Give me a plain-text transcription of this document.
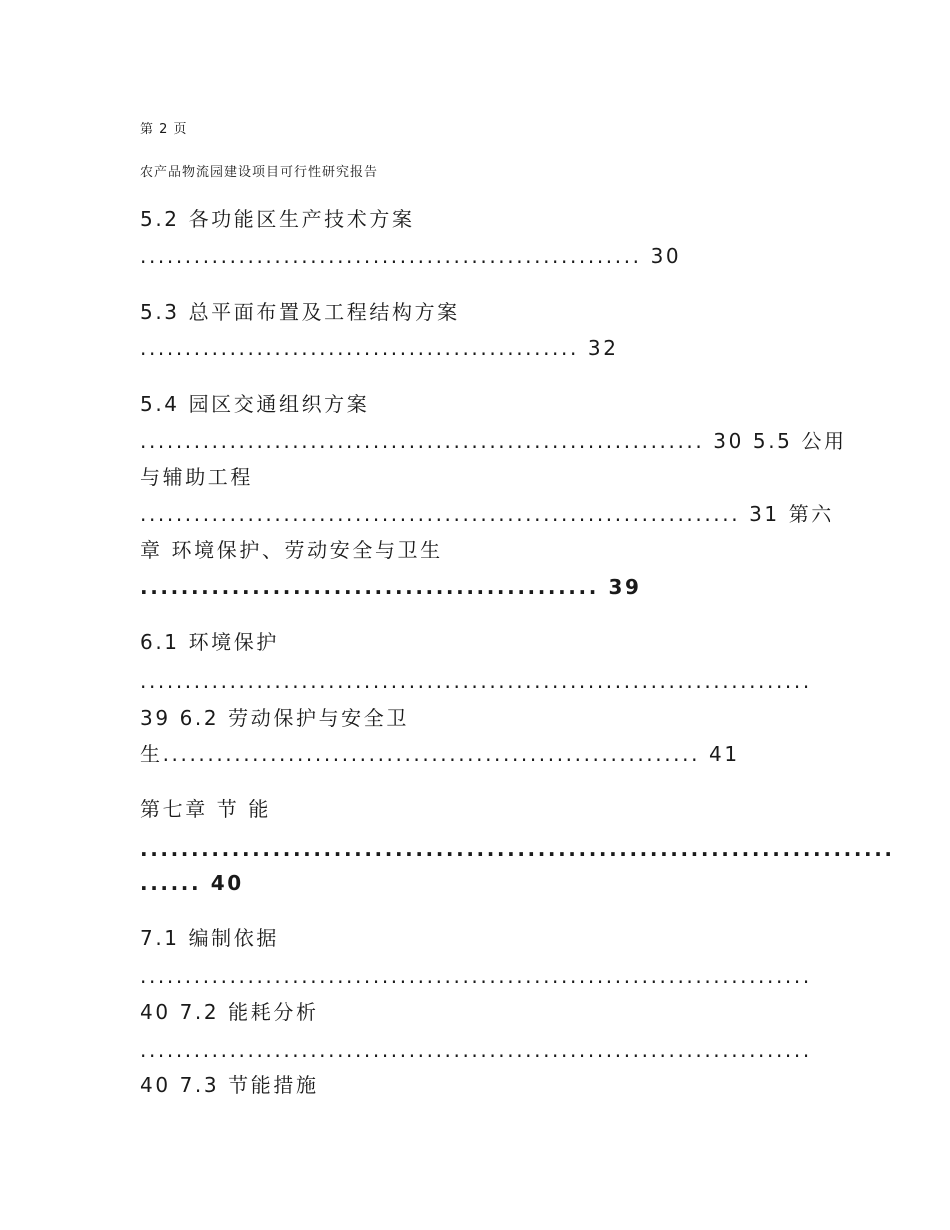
第 2 页
农产品物流园建设项目可行性研究报告
5.2 各功能区生产技术方案
........................................................ 30
5.3 总平面布置及工程结构方案
................................................. 32
5.4 园区交通组织方案
............................................................... 30 5.5 公用
与辅助工程
................................................................... 31 第六
章 环境保护、劳动安全与卫生
............................................. 39
6.1 环境保护
...........................................................................
39 6.2 劳动保护与安全卫
生............................................................ 41
第七章 节 能
..........................................................................
...... 40
7.1 编制依据
...........................................................................
40 7.2 能耗分析
...........................................................................
40 7.3 节能措施
